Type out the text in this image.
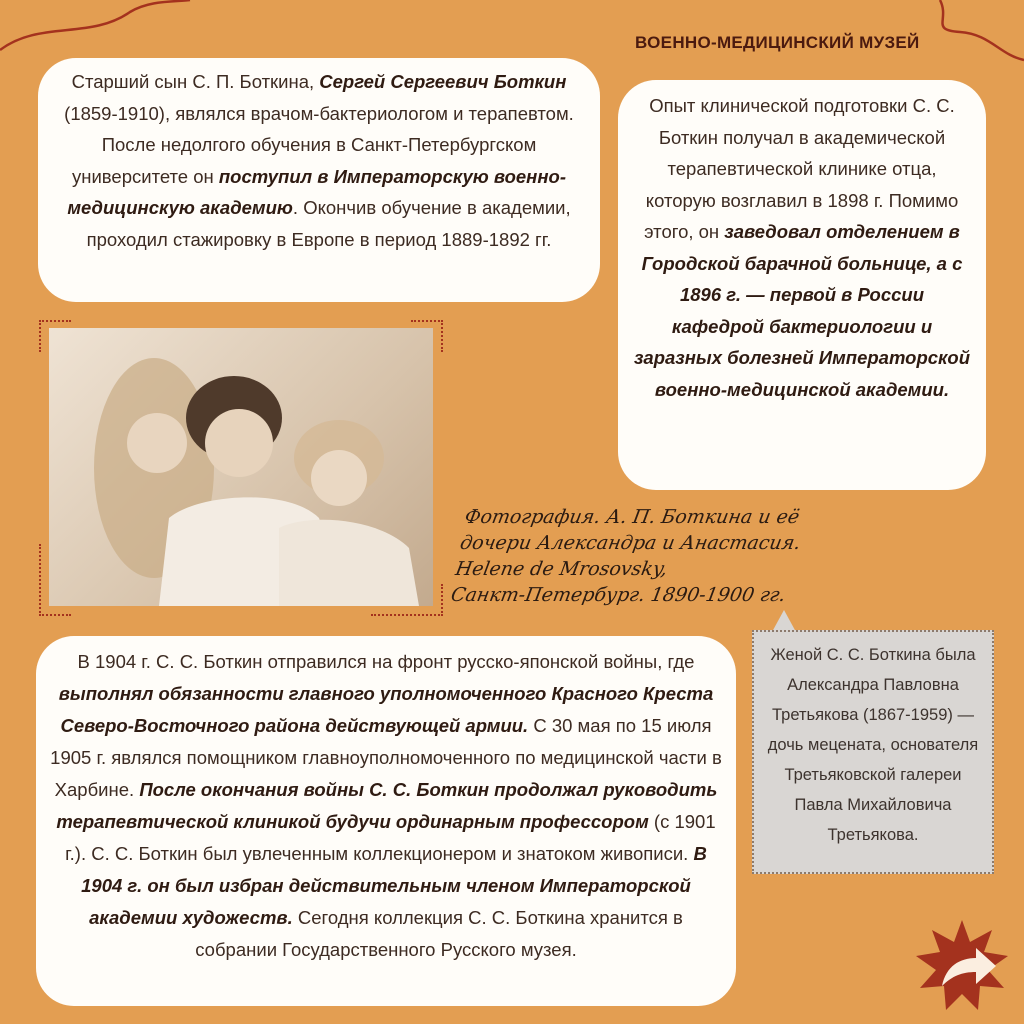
ВОЕННО-МЕДИЦИНСКИЙ МУЗЕЙ
Старший сын С. П. Боткина, Сергей Сергеевич Боткин (1859-1910), являлся врачом-бактериологом и терапевтом. После недолгого обучения в Санкт-Петербургском университете он поступил в Императорскую военно-медицинскую академию. Окончив обучение в академии, проходил стажировку в Европе в период 1889-1892 гг.
Опыт клинической подготовки С. С. Боткин получал в академической терапевтической клинике отца, которую возглавил в 1898 г. Помимо этого, он заведовал отделением в Городской барачной больнице, а с 1896 г. — первой в России кафедрой бактериологии и заразных болезней Императорской военно-медицинской академии.
Фотография. А. П. Боткина и её
дочери Александра и Анастасия.
Helene de Mrosovsky,
Санкт-Петербург. 1890-1900 гг.
Женой С. С. Боткина была Александра Павловна Третьякова (1867-1959) — дочь мецената, основателя Третьяковской галереи Павла Михайловича Третьякова.
В 1904 г. С. С. Боткин отправился на фронт русско-японской войны, где выполнял обязанности главного уполномоченного Красного Креста Северо-Восточного района действующей армии. С 30 мая по 15 июля 1905 г. являлся помощником главноуполномоченного по медицинской части в Харбине. После окончания войны С. С. Боткин продолжал руководить терапевтической клиникой будучи ординарным профессором (с 1901 г.). С. С. Боткин был увлеченным коллекционером и знатоком живописи. В 1904 г. он был избран действительным членом Императорской академии художеств. Сегодня коллекция С. С. Боткина хранится в собрании Государственного Русского музея.
